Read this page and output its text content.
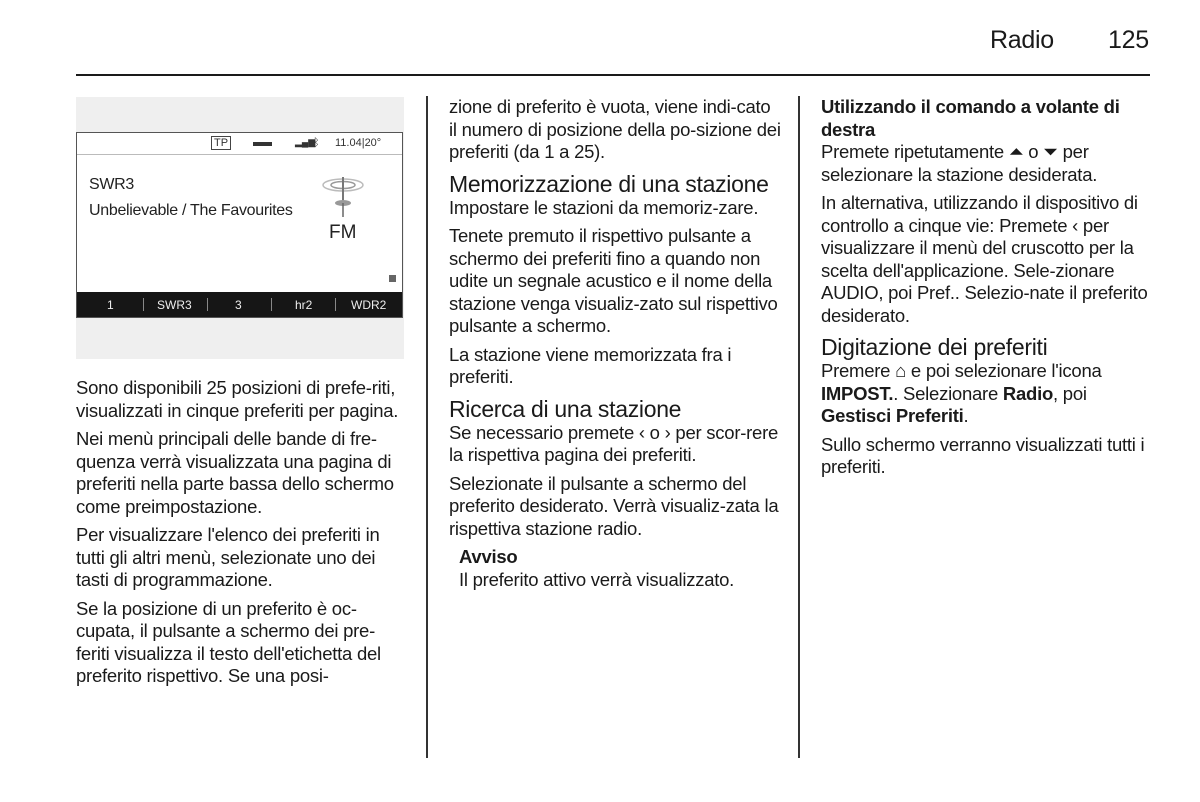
Radio 125
TP	▂▄▆
ᛒ 11.04|20°
SWR3
Unbelievable / The Favourites
FM
1	SWR3	3	hr2	WDR2

Sono disponibili 25 posizioni di prefe-riti, visualizzati in cinque preferiti per pagina.

Nei menù principali delle bande di fre-quenza verrà visualizzata una pagina di preferiti nella parte bassa dello schermo come preimpostazione.

Per visualizzare l'elenco dei preferiti in tutti gli altri menù, selezionate uno dei tasti di programmazione.

Se la posizione di un preferito è oc-cupata, il pulsante a schermo dei pre-feriti visualizza il testo dell'etichetta del preferito rispettivo. Se una posi-

zione di preferito è vuota, viene indi-cato il numero di posizione della po-sizione dei preferiti (da 1 a 25).

Memorizzazione di una stazione

Impostare le stazioni da memoriz-zare.

Tenete premuto il rispettivo pulsante a schermo dei preferiti fino a quando non udite un segnale acustico e il nome della stazione venga visualiz-zato sul rispettivo pulsante a schermo.

La stazione viene memorizzata fra i preferiti.

Ricerca di una stazione

Se necessario premete ‹ o › per scor-rere la rispettiva pagina dei preferiti.

Selezionate il pulsante a schermo del preferito desiderato. Verrà visualiz-zata la rispettiva stazione radio.

Avviso
Il preferito attivo verrà visualizzato.
Utilizzando il comando a volante di destra

Premete ripetutamente ⏶ o ⏷ per selezionare la stazione desiderata.

In alternativa, utilizzando il dispositivo di controllo a cinque vie: Premete ‹ per visualizzare il menù del cruscotto per la scelta dell'applicazione. Sele-zionare AUDIO, poi Pref.. Selezio-nate il preferito desiderato.

Digitazione dei preferiti

Premere ⌂ e poi selezionare l'icona IMPOST.. Selezionare Radio, poi Gestisci Preferiti.

Sullo schermo verranno visualizzati tutti i preferiti.
